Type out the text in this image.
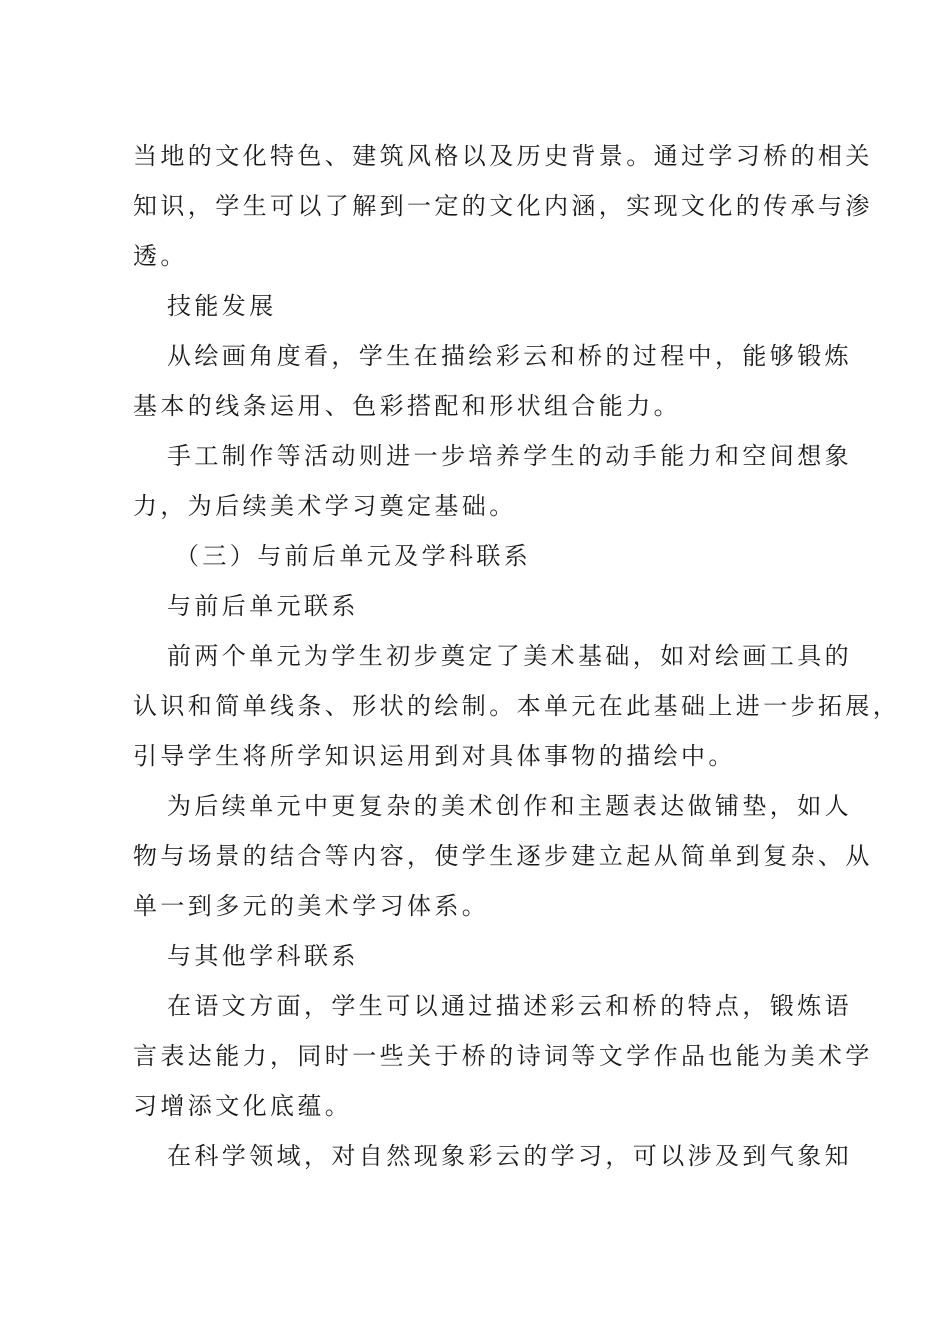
当地的文化特色、建筑风格以及历史背景。通过学习桥的相关
知识，学生可以了解到一定的文化内涵，实现文化的传承与渗
透。
技能发展
从绘画角度看，学生在描绘彩云和桥的过程中，能够锻炼
基本的线条运用、色彩搭配和形状组合能力。
手工制作等活动则进一步培养学生的动手能力和空间想象
力，为后续美术学习奠定基础。
（三）与前后单元及学科联系
与前后单元联系
前两个单元为学生初步奠定了美术基础，如对绘画工具的
认识和简单线条、形状的绘制。本单元在此基础上进一步拓展，
引导学生将所学知识运用到对具体事物的描绘中。
为后续单元中更复杂的美术创作和主题表达做铺垫，如人
物与场景的结合等内容，使学生逐步建立起从简单到复杂、从
单一到多元的美术学习体系。
与其他学科联系
在语文方面，学生可以通过描述彩云和桥的特点，锻炼语
言表达能力，同时一些关于桥的诗词等文学作品也能为美术学
习增添文化底蕴。
在科学领域，对自然现象彩云的学习，可以涉及到气象知
